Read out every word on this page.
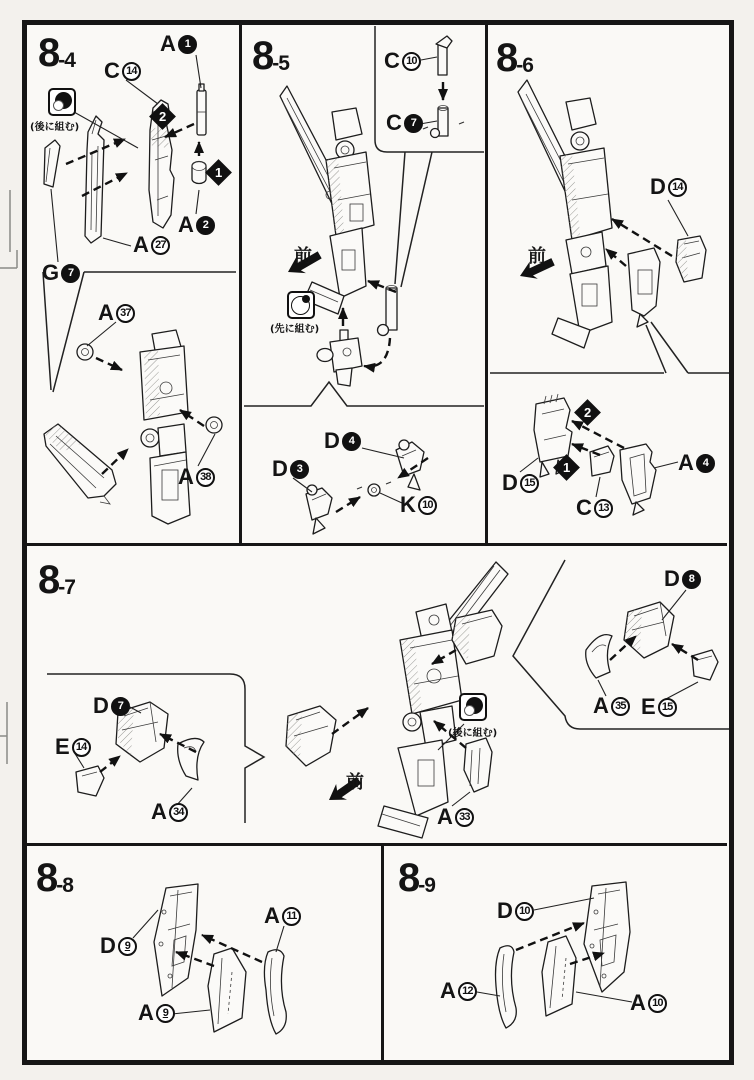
8 -4	8 -5	8 -6
8 -7
8 -8	8 -9
A 1
C 14
G 7
A 27
A 2
A 37
A 38
2
1
(後に組む)
C 10
C 7
D 4
D 3
K 10
前
(先に組む)
D 14
D 15
C 13
A 4
2
1
前
D 7
E 14
A 34	A 33
D 8
A 35 E 15
前
(後に組む)
D 9
A 11
A 9
D 10
A 12	A 10
